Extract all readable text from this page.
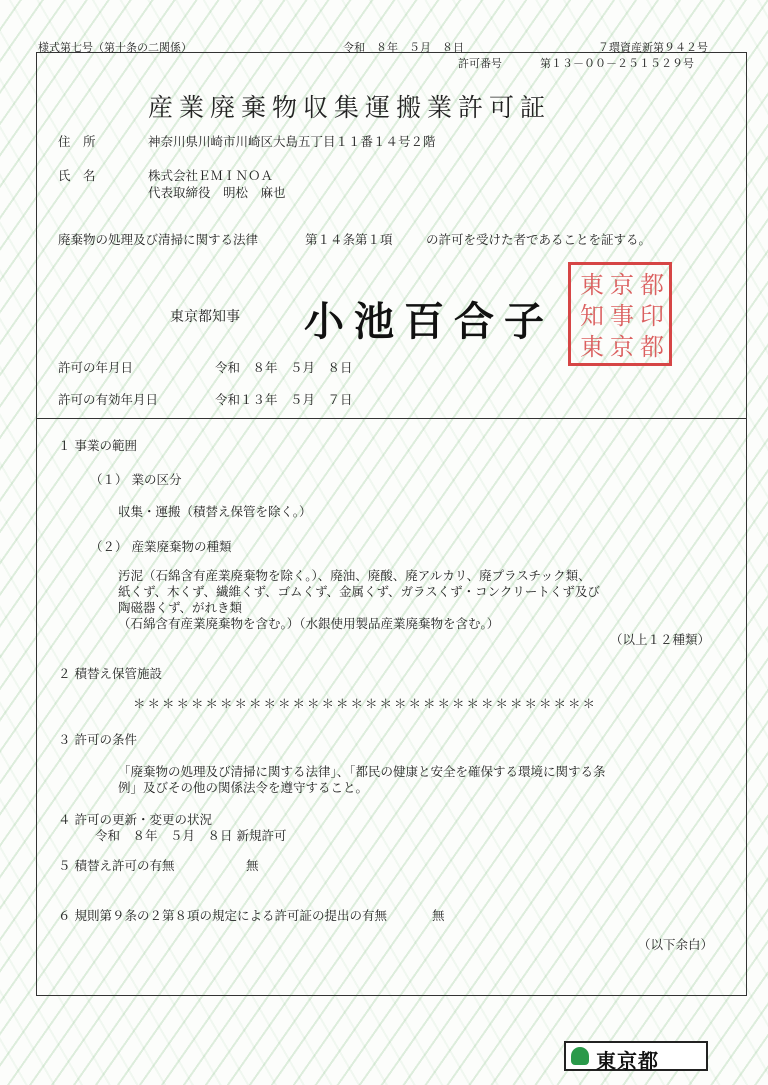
様式第七号（第十条の二関係）	令和　８年　５月　８日	７環資産新第９４２号
許可番号	第１３－００－２５１５２９号
産業廃棄物収集運搬業許可証
住　所	神奈川県川崎市川崎区大島五丁目１１番１４号２階
氏　名	株式会社ＥＭＩＮＯＡ
代表取締役　明松　麻也
廃棄物の処理及び清掃に関する法律	第１４条第１項	の許可を受けた者であることを証する。
東京都知事 小池百合子
東 京 都
知 事 印
東 京 都
許可の年月日	令和　８年　５月　８日
許可の有効年月日	令和１３年　５月　７日
１ 事業の範囲
（１） 業の区分
収集・運搬（積替え保管を除く。）
（２） 産業廃棄物の種類
汚泥（石綿含有産業廃棄物を除く。）、廃油、廃酸、廃アルカリ、廃プラスチック類、
紙くず、木くず、繊維くず、ゴムくず、金属くず、ガラスくず・コンクリートくず及び
陶磁器くず、がれき類
（石綿含有産業廃棄物を含む。）（水銀使用製品産業廃棄物を含む。）
（以上１２種類）
２ 積替え保管施設
＊＊＊＊＊＊＊＊＊＊＊＊＊＊＊＊＊＊＊＊＊＊＊＊＊＊＊＊＊＊＊＊
３ 許可の条件
「廃棄物の処理及び清掃に関する法律」、「都民の健康と安全を確保する環境に関する条
例」及びその他の関係法令を遵守すること。
４ 許可の更新・変更の状況
令和　８年　５月　８日 新規許可
５ 積替え許可の有無	無
６ 規則第９条の２第８項の規定による許可証の提出の有無	無
（以下余白）
東京都
